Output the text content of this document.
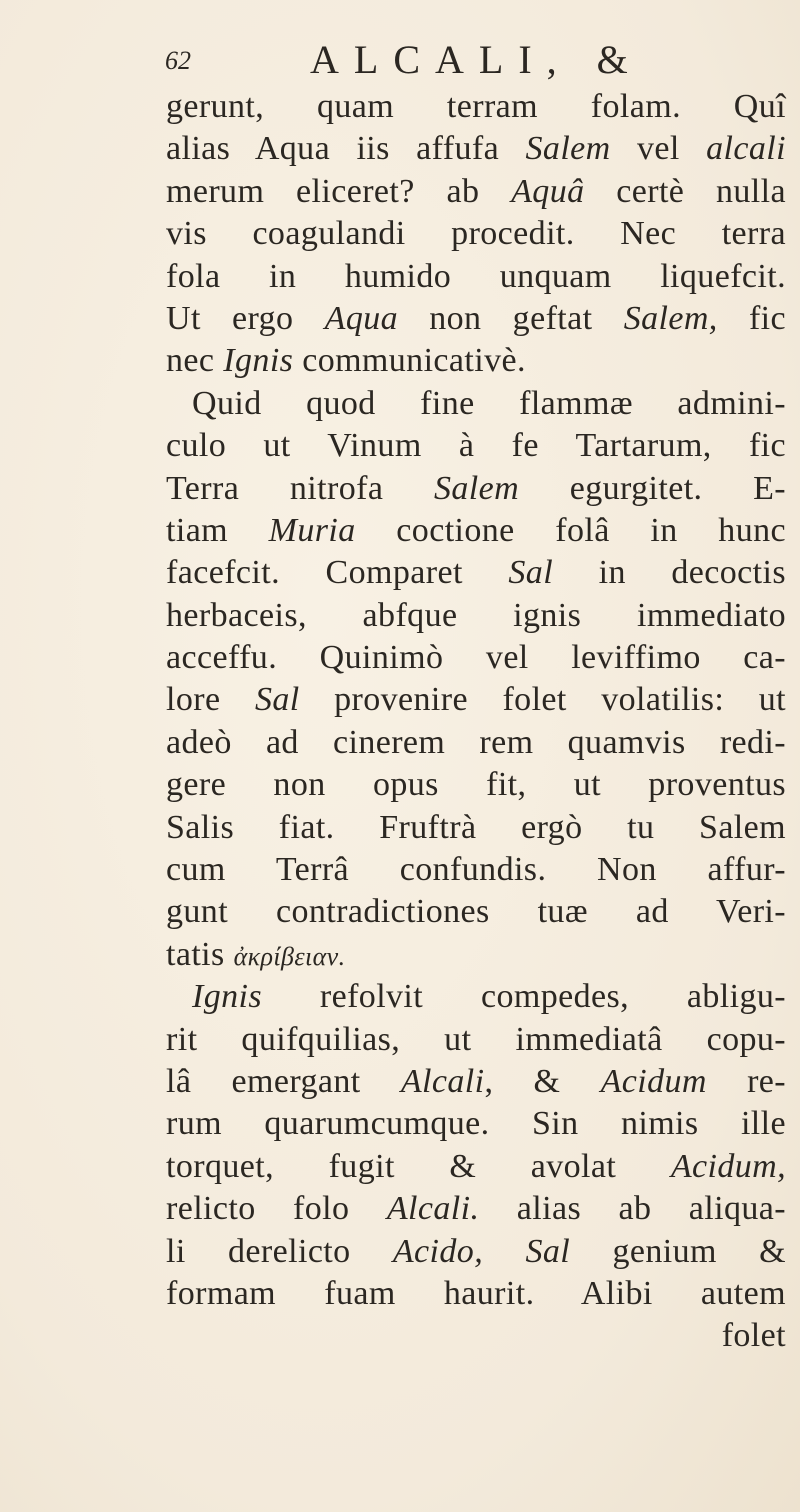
62	ALCALI, &
gerunt, quam terram folam. Quî
alias Aqua iis affufa Salem vel alcali
merum eliceret? ab Aquâ certè nulla
vis coagulandi procedit. Nec terra
fola in humido unquam liquefcit.
Ut ergo Aqua non geftat Salem, fic
nec Ignis communicativè.
Quid quod fine flammæ admini-
culo ut Vinum à fe Tartarum, fic
Terra nitrofa Salem egurgitet. E-
tiam Muria coctione folâ in hunc
facefcit. Comparet Sal in decoctis
herbaceis, abfque ignis immediato
acceffu. Quinimò vel leviffimo ca-
lore Sal provenire folet volatilis: ut
adeò ad cinerem rem quamvis redi-
gere non opus fit, ut proventus
Salis fiat. Fruftrà ergò tu Salem
cum Terrâ confundis. Non affur-
gunt contradictiones tuæ ad Veri-
tatis ἀκρίβειαν.
Ignis refolvit compedes, abligu-
rit quifquilias, ut immediatâ copu-
lâ emergant Alcali, & Acidum re-
rum quarumcumque. Sin nimis ille
torquet, fugit & avolat Acidum,
relicto folo Alcali. alias ab aliqua-
li derelicto Acido, Sal genium &
formam fuam haurit. Alibi autem
folet
